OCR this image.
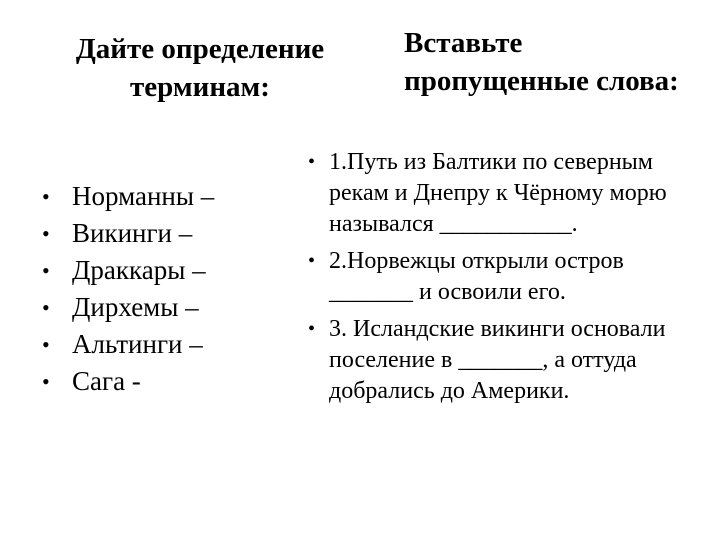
Дайте определение терминам:
Вставьте пропущенные слова:
• Норманны –
• Викинги –
• Драккары –
• Дирхемы –
• Альтинги –
• Сага -
• 1.Путь из Балтики по северным рекам и Днепру к Чёрному морю назывался ___________.
• 2.Норвежцы открыли остров _______ и освоили его.
• 3. Исландские викинги основали поселение в _______, а оттуда добрались до Америки.
